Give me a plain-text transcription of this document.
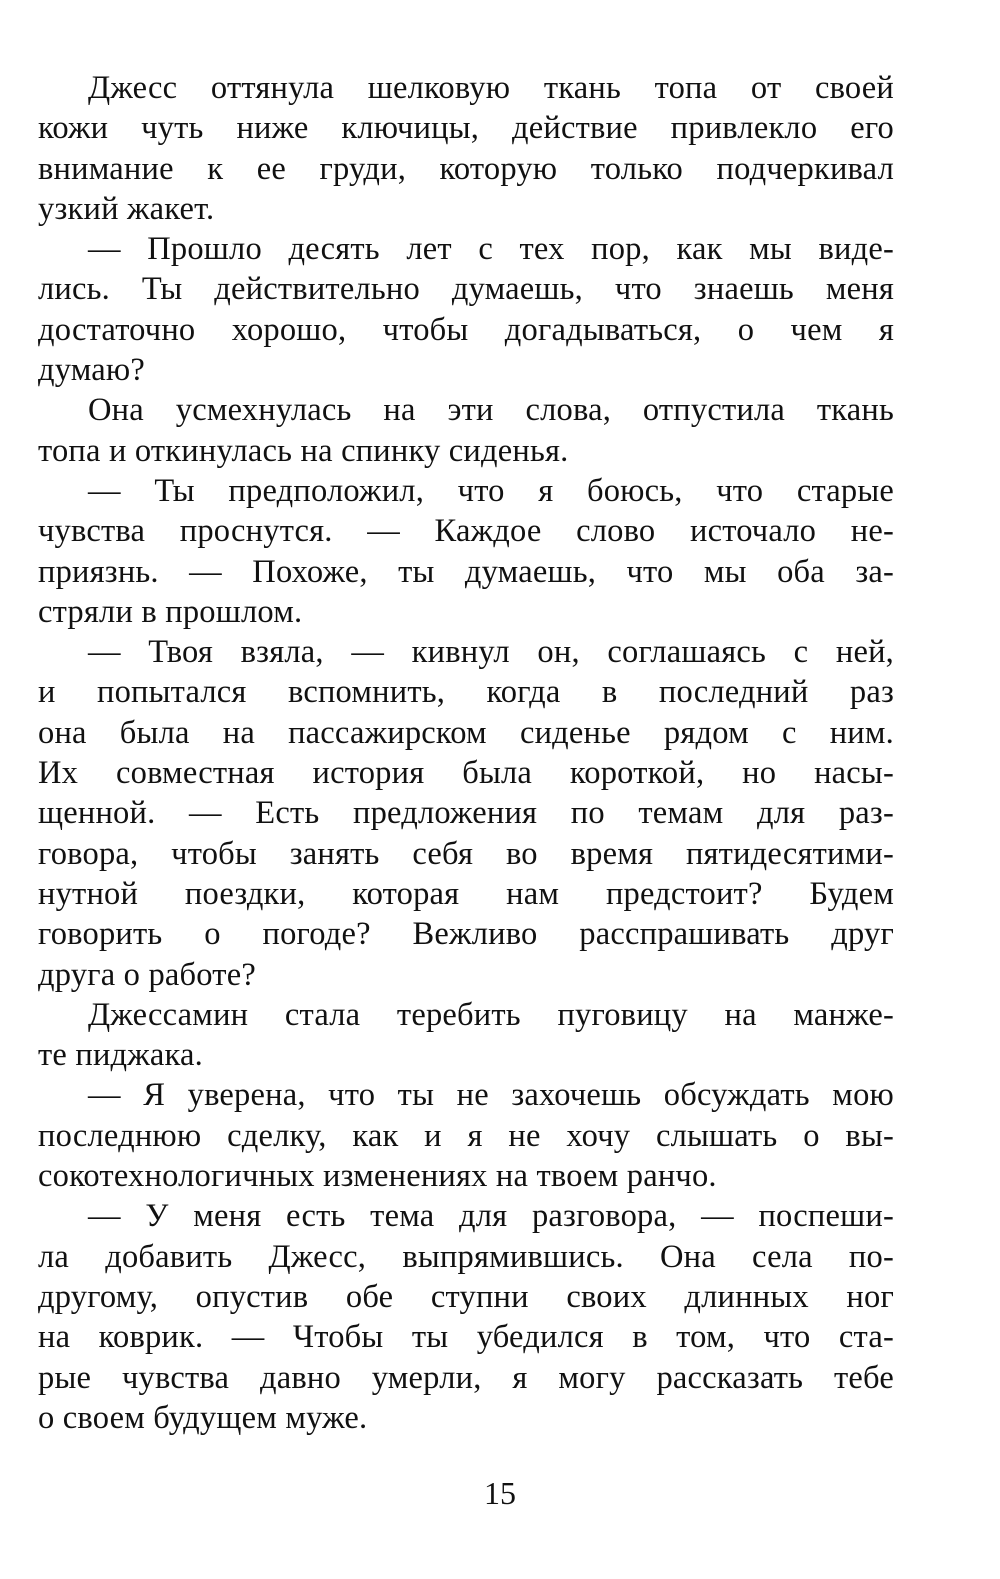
Джесс оттянула шелковую ткань топа от своей
кожи чуть ниже ключицы, действие привлекло его
внимание к ее груди, которую только подчеркивал
узкий жакет.
— Прошло десять лет с тех пор, как мы виде-
лись. Ты действительно думаешь, что знаешь меня
достаточно хорошо, чтобы догадываться, о чем я
думаю?
Она усмехнулась на эти слова, отпустила ткань
топа и откинулась на спинку сиденья.
— Ты предположил, что я боюсь, что старые
чувства проснутся. — Каждое слово источало не-
приязнь. — Похоже, ты думаешь, что мы оба за-
стряли в прошлом.
— Твоя взяла, — кивнул он, соглашаясь с ней,
и попытался вспомнить, когда в последний раз
она была на пассажирском сиденье рядом с ним.
Их совместная история была короткой, но насы-
щенной. — Есть предложения по темам для раз-
говора, чтобы занять себя во время пятидесятими-
нутной поездки, которая нам предстоит? Будем
говорить о погоде? Вежливо расспрашивать друг
друга о работе?
Джессамин стала теребить пуговицу на манже-
те пиджака.
— Я уверена, что ты не захочешь обсуждать мою
последнюю сделку, как и я не хочу слышать о вы-
сокотехнологичных изменениях на твоем ранчо.
— У меня есть тема для разговора, — поспеши-
ла добавить Джесс, выпрямившись. Она села по-
другому, опустив обе ступни своих длинных ног
на коврик. — Чтобы ты убедился в том, что ста-
рые чувства давно умерли, я могу рассказать тебе
о своем будущем муже.
15
